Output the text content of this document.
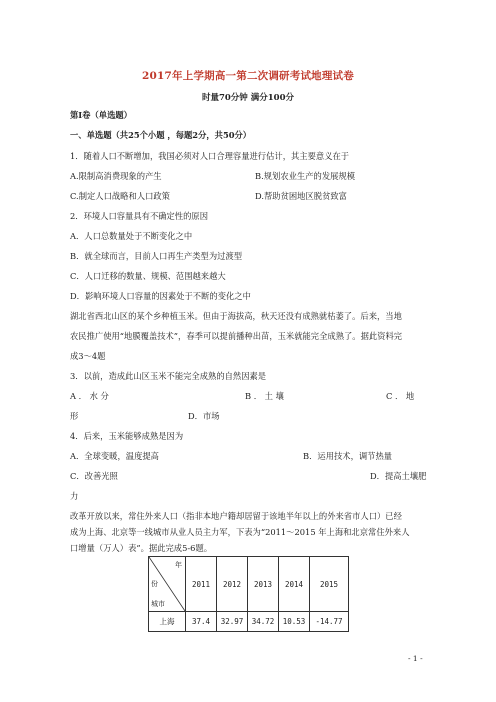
2017年上学期高一第二次调研考试地理试卷
时量70分钟 满分100分
第I卷（单选题）
一、单选题（共25个小题 ，每题2分，共50分）
1．随着人口不断增加，我国必须对人口合理容量进行估计，其主要意义在于
A.限制高消费现象的产生	B.规划农业生产的发展规模
C.制定人口战略和人口政策	D.帮助贫困地区脱贫致富
2．环境人口容量具有不确定性的原因
A．人口总数量处于不断变化之中
B．就全球而言，目前人口再生产类型为过渡型
C．人口迁移的数量、规模、范围越来越大
D．影响环境人口容量的因素处于不断的变化之中
湖北省西北山区的某个乡种植玉米。但由于海拔高，秋天还没有成熟就枯萎了。后来，当地
农民推广使用“地膜覆盖技术”，春季可以提前播种出苗，玉米就能完全成熟了。据此资料完
成3～4题
3．以前，造成此山区玉米不能完全成熟的自然因素是
A ． 水 分	B ． 土 壤	C ． 地
形	D．市场
4．后来，玉米能够成熟是因为
A．全球变暖，温度提高	B．运用技术，调节热量
C．改善光照	D．提高土壤肥
力
改革开放以来，常住外来人口（指非本地户籍却居留于该地半年以上的外来省市人口）已经
成为上海、北京等一线城市从业人员主力军，下表为“2011～2015 年上海和北京常住外来人
口增量（万人）表”。据此完成5-6题。
年
份
城市	2011	2012	2013	2014	2015
上海	37.4	32.97	34.72	10.53	-14.77
- 1 -
